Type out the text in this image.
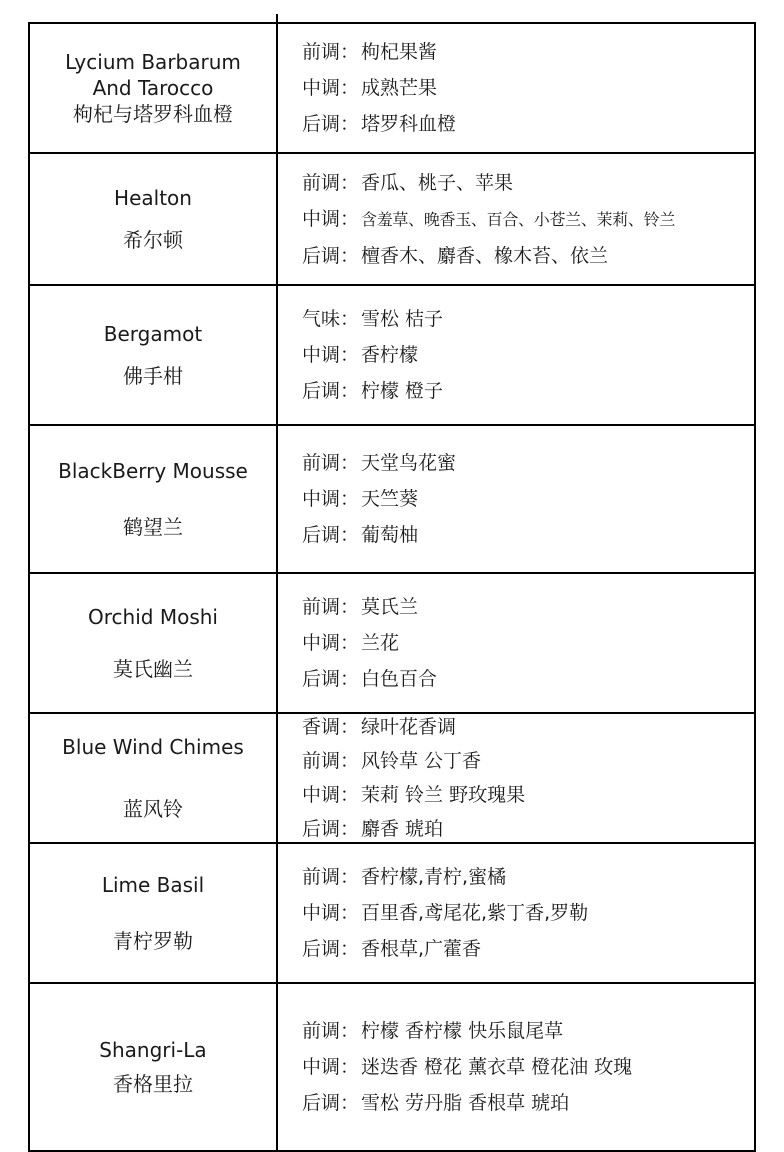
Lycium Barbarum
And Tarocco
枸杞与塔罗科血橙
前调： 枸杞果酱
中调： 成熟芒果
后调： 塔罗科血橙
Healton
希尔顿
前调： 香瓜、桃子、苹果
中调： 含羞草、晚香玉、百合、小苍兰、茉莉、铃兰
后调： 檀香木、麝香、橡木苔、依兰
Bergamot
佛手柑
气味： 雪松 桔子
中调： 香柠檬
后调： 柠檬 橙子
BlackBerry Mousse
鹤望兰
前调： 天堂鸟花蜜
中调： 天竺葵
后调： 葡萄柚
Orchid Moshi
莫氏幽兰
前调： 莫氏兰
中调： 兰花
后调： 白色百合
Blue Wind Chimes
蓝风铃
香调： 绿叶花香调
前调： 风铃草 公丁香
中调： 茉莉 铃兰 野玫瑰果
后调： 麝香 琥珀
Lime Basil
青柠罗勒
前调： 香柠檬,青柠,蜜橘
中调： 百里香,鸢尾花,紫丁香,罗勒
后调： 香根草,广藿香
Shangri-La
香格里拉
前调： 柠檬 香柠檬 快乐鼠尾草
中调： 迷迭香 橙花 薰衣草 橙花油 玫瑰
后调： 雪松 劳丹脂 香根草 琥珀
